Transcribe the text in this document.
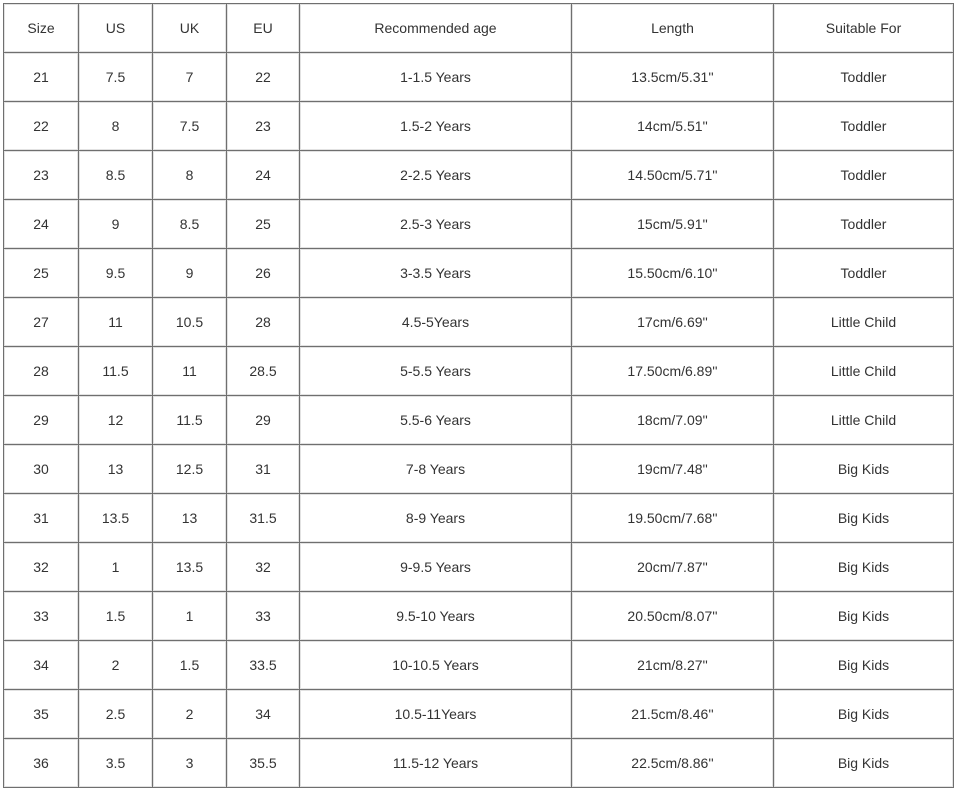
Size	US	UK	EU	Recommended age	Length	Suitable For
21	7.5	7	22	1-1.5 Years	13.5cm/5.31''	Toddler
22	8	7.5	23	1.5-2 Years	14cm/5.51''	Toddler
23	8.5	8	24	2-2.5 Years	14.50cm/5.71''	Toddler
24	9	8.5	25	2.5-3 Years	15cm/5.91''	Toddler
25	9.5	9	26	3-3.5 Years	15.50cm/6.10''	Toddler
27	11	10.5	28	4.5-5Years	17cm/6.69''	Little Child
28	11.5	11	28.5	5-5.5 Years	17.50cm/6.89''	Little Child
29	12	11.5	29	5.5-6 Years	18cm/7.09''	Little Child
30	13	12.5	31	7-8 Years	19cm/7.48''	Big Kids
31	13.5	13	31.5	8-9 Years	19.50cm/7.68''	Big Kids
32	1	13.5	32	9-9.5 Years	20cm/7.87''	Big Kids
33	1.5	1	33	9.5-10 Years	20.50cm/8.07''	Big Kids
34	2	1.5	33.5	10-10.5 Years	21cm/8.27''	Big Kids
35	2.5	2	34	10.5-11Years	21.5cm/8.46''	Big Kids
36	3.5	3	35.5	11.5-12 Years	22.5cm/8.86''	Big Kids
